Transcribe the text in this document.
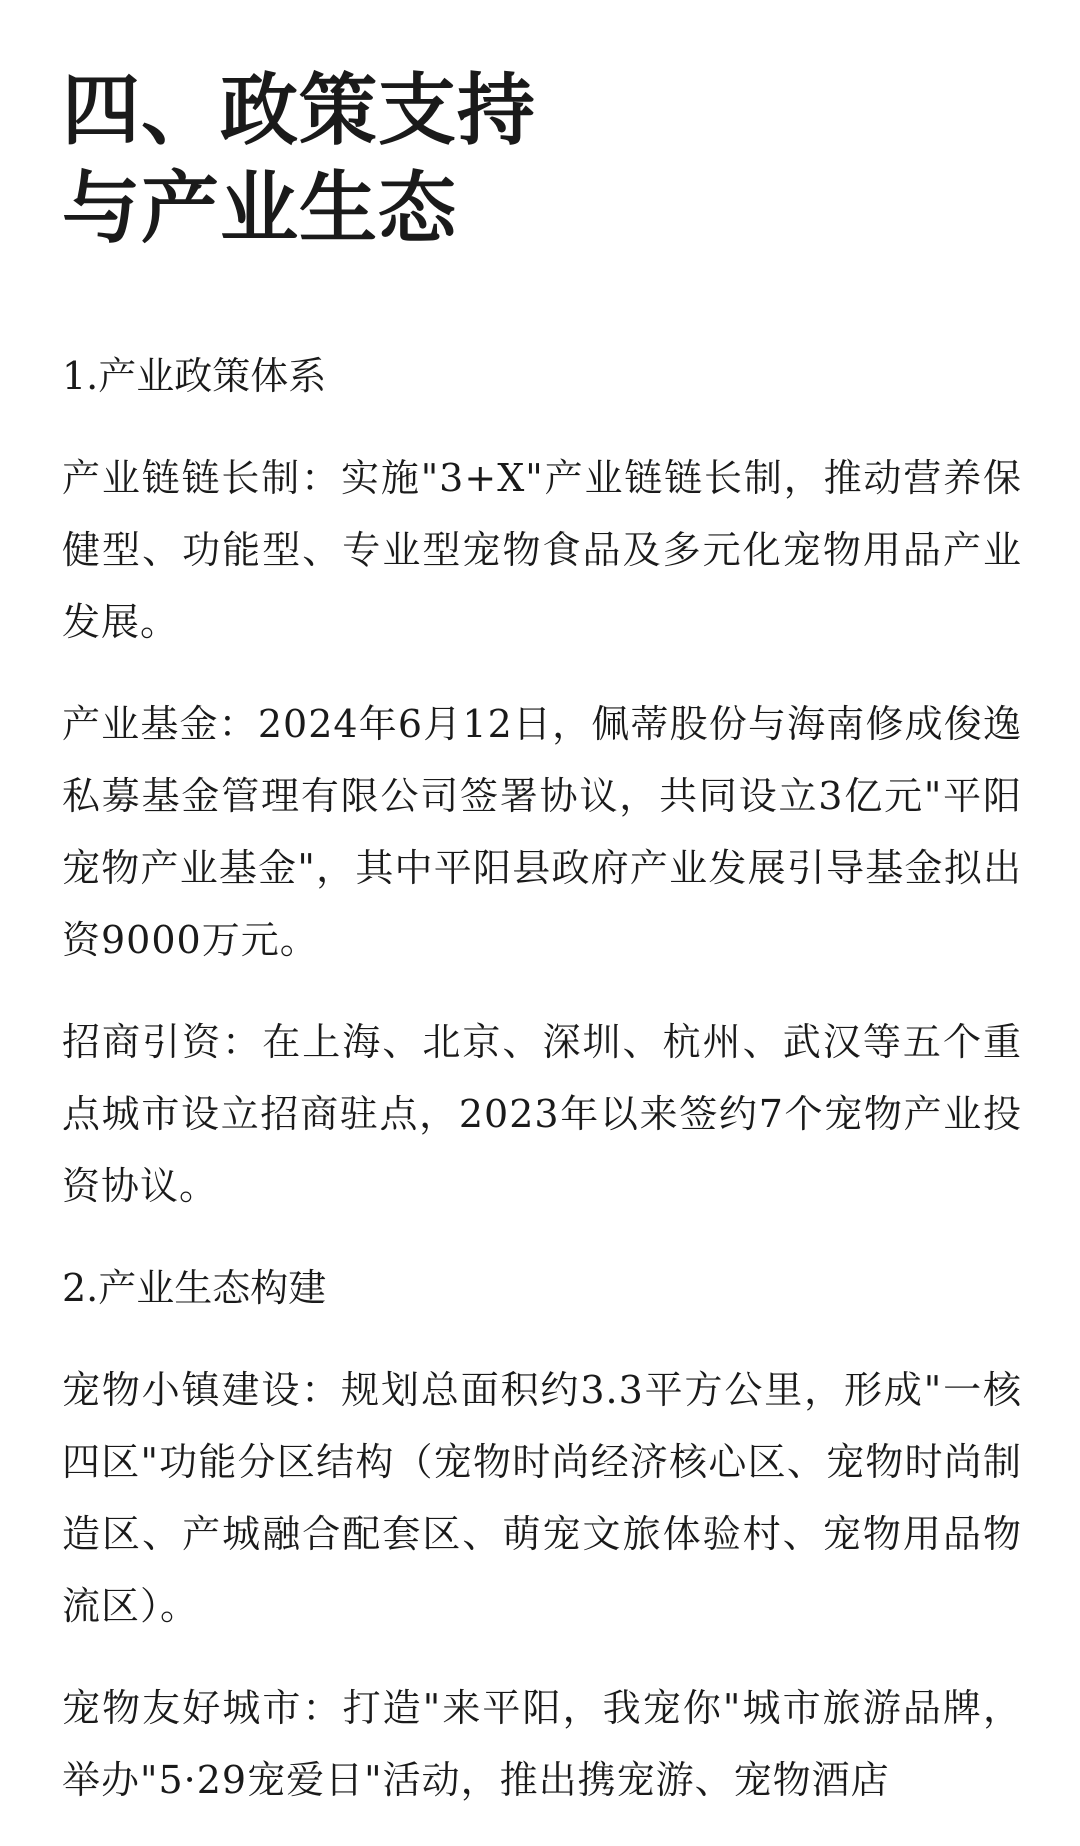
四、政策支持
与产业生态

1.产业政策体系

产业链链长制：实施"3+X"产业链链长制，推动营养保健型、功能型、专业型宠物食品及多元化宠物用品产业发展。

产业基金：2024年6月12日，佩蒂股份与海南修成俊逸私募基金管理有限公司签署协议，共同设立3亿元"平阳宠物产业基金"，其中平阳县政府产业发展引导基金拟出资9000万元。

招商引资：在上海、北京、深圳、杭州、武汉等五个重点城市设立招商驻点，2023年以来签约7个宠物产业投资协议。

2.产业生态构建

宠物小镇建设：规划总面积约3.3平方公里，形成"一核四区"功能分区结构（宠物时尚经济核心区、宠物时尚制造区、产城融合配套区、萌宠文旅体验村、宠物用品物流区）。

宠物友好城市：打造"来平阳，我宠你"城市旅游品牌，举办"5·29宠爱日"活动，推出携宠游、宠物酒店
